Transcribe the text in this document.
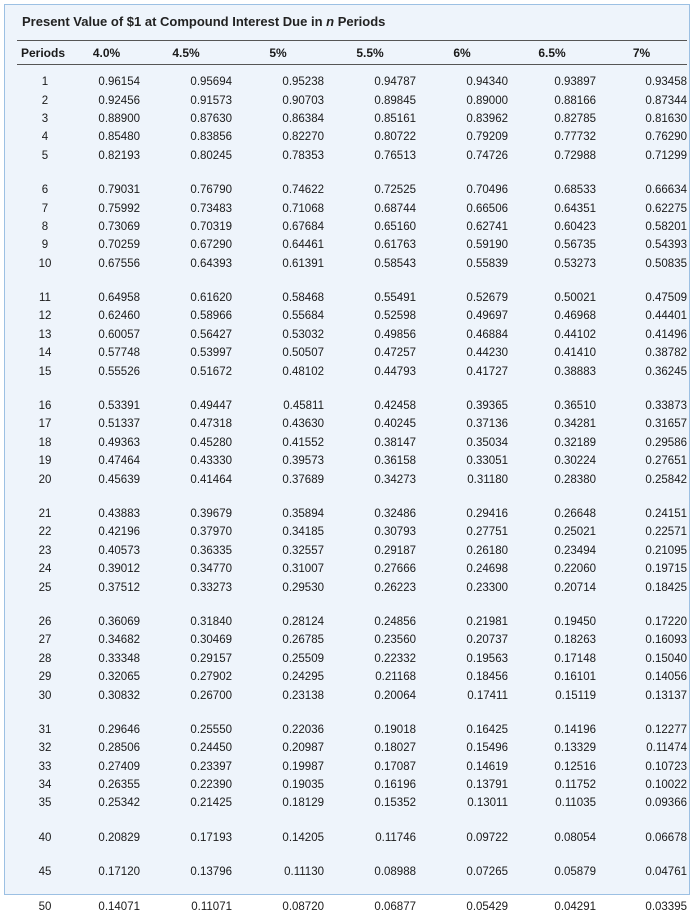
Present Value of $1 at Compound Interest Due in n Periods
Periods	4.0%	4.5%	5%	5.5%	6%	6.5%	7%
1	0.96154	0.95694	0.95238	0.94787	0.94340	0.93897	0.93458
2	0.92456	0.91573	0.90703	0.89845	0.89000	0.88166	0.87344
3	0.88900	0.87630	0.86384	0.85161	0.83962	0.82785	0.81630
4	0.85480	0.83856	0.82270	0.80722	0.79209	0.77732	0.76290
5	0.82193	0.80245	0.78353	0.76513	0.74726	0.72988	0.71299

6	0.79031	0.76790	0.74622	0.72525	0.70496	0.68533	0.66634
7	0.75992	0.73483	0.71068	0.68744	0.66506	0.64351	0.62275
8	0.73069	0.70319	0.67684	0.65160	0.62741	0.60423	0.58201
9	0.70259	0.67290	0.64461	0.61763	0.59190	0.56735	0.54393
10	0.67556	0.64393	0.61391	0.58543	0.55839	0.53273	0.50835

11	0.64958	0.61620	0.58468	0.55491	0.52679	0.50021	0.47509
12	0.62460	0.58966	0.55684	0.52598	0.49697	0.46968	0.44401
13	0.60057	0.56427	0.53032	0.49856	0.46884	0.44102	0.41496
14	0.57748	0.53997	0.50507	0.47257	0.44230	0.41410	0.38782
15	0.55526	0.51672	0.48102	0.44793	0.41727	0.38883	0.36245

16	0.53391	0.49447	0.45811	0.42458	0.39365	0.36510	0.33873
17	0.51337	0.47318	0.43630	0.40245	0.37136	0.34281	0.31657
18	0.49363	0.45280	0.41552	0.38147	0.35034	0.32189	0.29586
19	0.47464	0.43330	0.39573	0.36158	0.33051	0.30224	0.27651
20	0.45639	0.41464	0.37689	0.34273	0.31180	0.28380	0.25842

21	0.43883	0.39679	0.35894	0.32486	0.29416	0.26648	0.24151
22	0.42196	0.37970	0.34185	0.30793	0.27751	0.25021	0.22571
23	0.40573	0.36335	0.32557	0.29187	0.26180	0.23494	0.21095
24	0.39012	0.34770	0.31007	0.27666	0.24698	0.22060	0.19715
25	0.37512	0.33273	0.29530	0.26223	0.23300	0.20714	0.18425

26	0.36069	0.31840	0.28124	0.24856	0.21981	0.19450	0.17220
27	0.34682	0.30469	0.26785	0.23560	0.20737	0.18263	0.16093
28	0.33348	0.29157	0.25509	0.22332	0.19563	0.17148	0.15040
29	0.32065	0.27902	0.24295	0.21168	0.18456	0.16101	0.14056
30	0.30832	0.26700	0.23138	0.20064	0.17411	0.15119	0.13137

31	0.29646	0.25550	0.22036	0.19018	0.16425	0.14196	0.12277
32	0.28506	0.24450	0.20987	0.18027	0.15496	0.13329	0.11474
33	0.27409	0.23397	0.19987	0.17087	0.14619	0.12516	0.10723
34	0.26355	0.22390	0.19035	0.16196	0.13791	0.11752	0.10022
35	0.25342	0.21425	0.18129	0.15352	0.13011	0.11035	0.09366

40	0.20829	0.17193	0.14205	0.11746	0.09722	0.08054	0.06678

45	0.17120	0.13796	0.11130	0.08988	0.07265	0.05879	0.04761

50	0.14071	0.11071	0.08720	0.06877	0.05429	0.04291	0.03395
